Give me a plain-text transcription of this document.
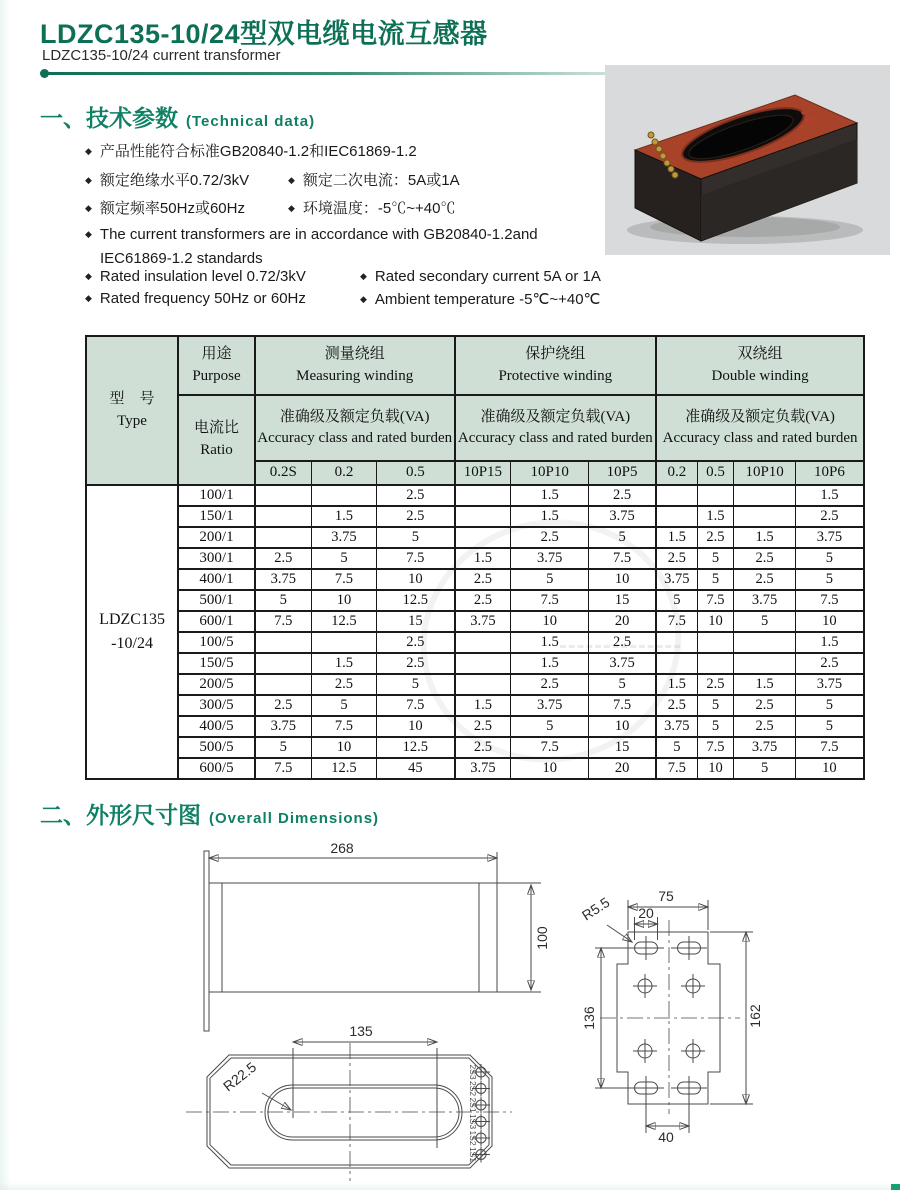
LDZC135-10/24型双电缆电流互感器
LDZC135-10/24 current transformer
一、技术参数 (Technical data)
◆ 产品性能符合标准GB20840-1.2和IEC61869-1.2
◆ 额定绝缘水平0.72/3kV ◆	额定二次电流：5A或1A
◆ 额定频率50Hz或60Hz ◆	环境温度：-5℃~+40℃
◆ The current transformers are in accordance with GB20840-1.2and
IEC61869-1.2 standards
◆ Rated insulation level 0.72/3kV ◆	Rated secondary current 5A or 1A
◆ Rated frequency 50Hz or 60Hz ◆	Ambient temperature -5℃~+40℃
型　号
Type

用途
Purpose

测量绕组
Measuring winding

保护绕组
Protective winding

双绕组
Double winding

电流比
Ratio

准确级及额定负载(VA)
Accuracy class and rated burden

准确级及额定负载(VA)
Accuracy class and rated burden

准确级及额定负载(VA)
Accuracy class and rated burden

		0.2S	0.2	0.5	10P15	10P10	10P5	0.2	0.5	10P10	10P6

LDZC135
-10/24	100/1			2.5		1.5	2.5				1.5
	150/1		1.5	2.5		1.5	3.75		1.5		2.5
	200/1		3.75	5		2.5	5	1.5	2.5	1.5	3.75
	300/1	2.5	5	7.5	1.5	3.75	7.5	2.5	5	2.5	5
	400/1	3.75	7.5	10	2.5	5	10	3.75	5	2.5	5
	500/1	5	10	12.5	2.5	7.5	15	5	7.5	3.75	7.5
	600/1	7.5	12.5	15	3.75	10	20	7.5	10	5	10
	100/5			2.5		1.5	2.5				1.5
	150/5		1.5	2.5		1.5	3.75				2.5
	200/5		2.5	5		2.5	5	1.5	2.5	1.5	3.75
	300/5	2.5	5	7.5	1.5	3.75	7.5	2.5	5	2.5	5
	400/5	3.75	7.5	10	2.5	5	10	3.75	5	2.5	5
	500/5	5	10	12.5	2.5	7.5	15	5	7.5	3.75	7.5
	600/5	7.5	12.5	45	3.75	10	20	7.5	10	5	10
二、外形尺寸图 (Overall Dimensions)
268
100
135
R22.5	2S3
2S2
2S1
1S3
1S2
1S1
75
20
R5.5
136	162
40
